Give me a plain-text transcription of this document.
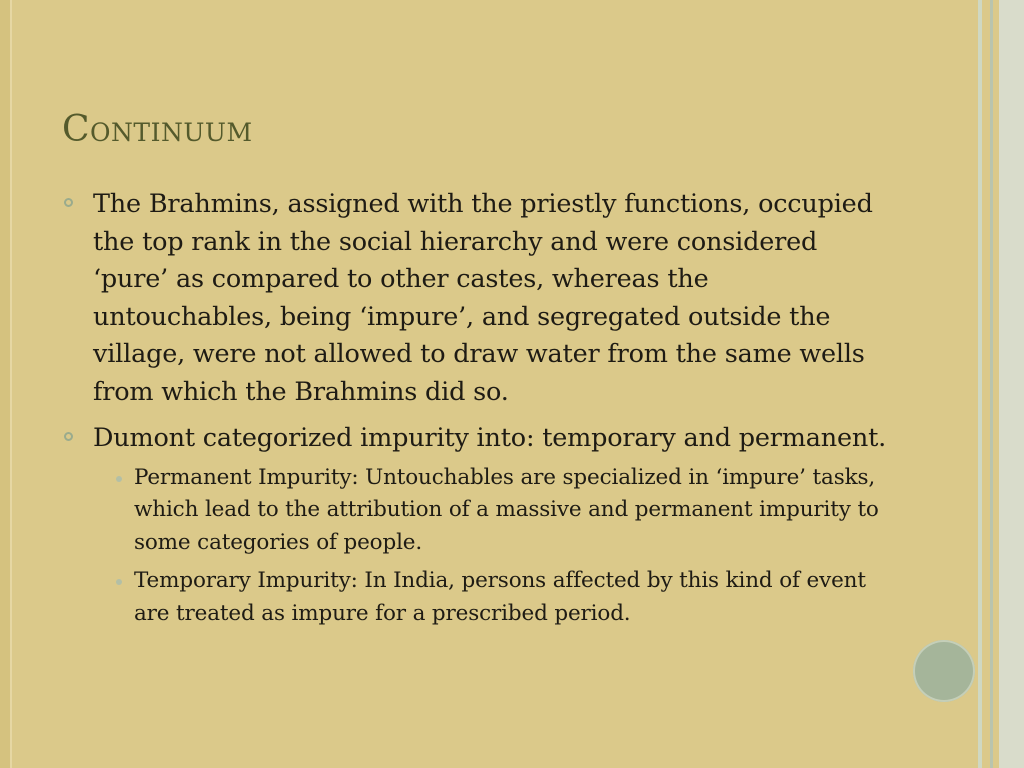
Continuum
The Brahmins, assigned with the priestly functions, occupied the top rank in the social hierarchy and were considered ‘pure’ as compared to other castes, whereas the untouchables, being ‘impure’, and segregated outside the village, were not allowed to draw water from the same wells from which the Brahmins did so.
Dumont categorized impurity into: temporary and permanent.
Permanent Impurity: Untouchables are specialized in ‘impure’ tasks, which lead to the attribution of a massive and permanent impurity to some categories of people.
Temporary Impurity: In India, persons affected by this kind of event are treated as impure for a prescribed period.
